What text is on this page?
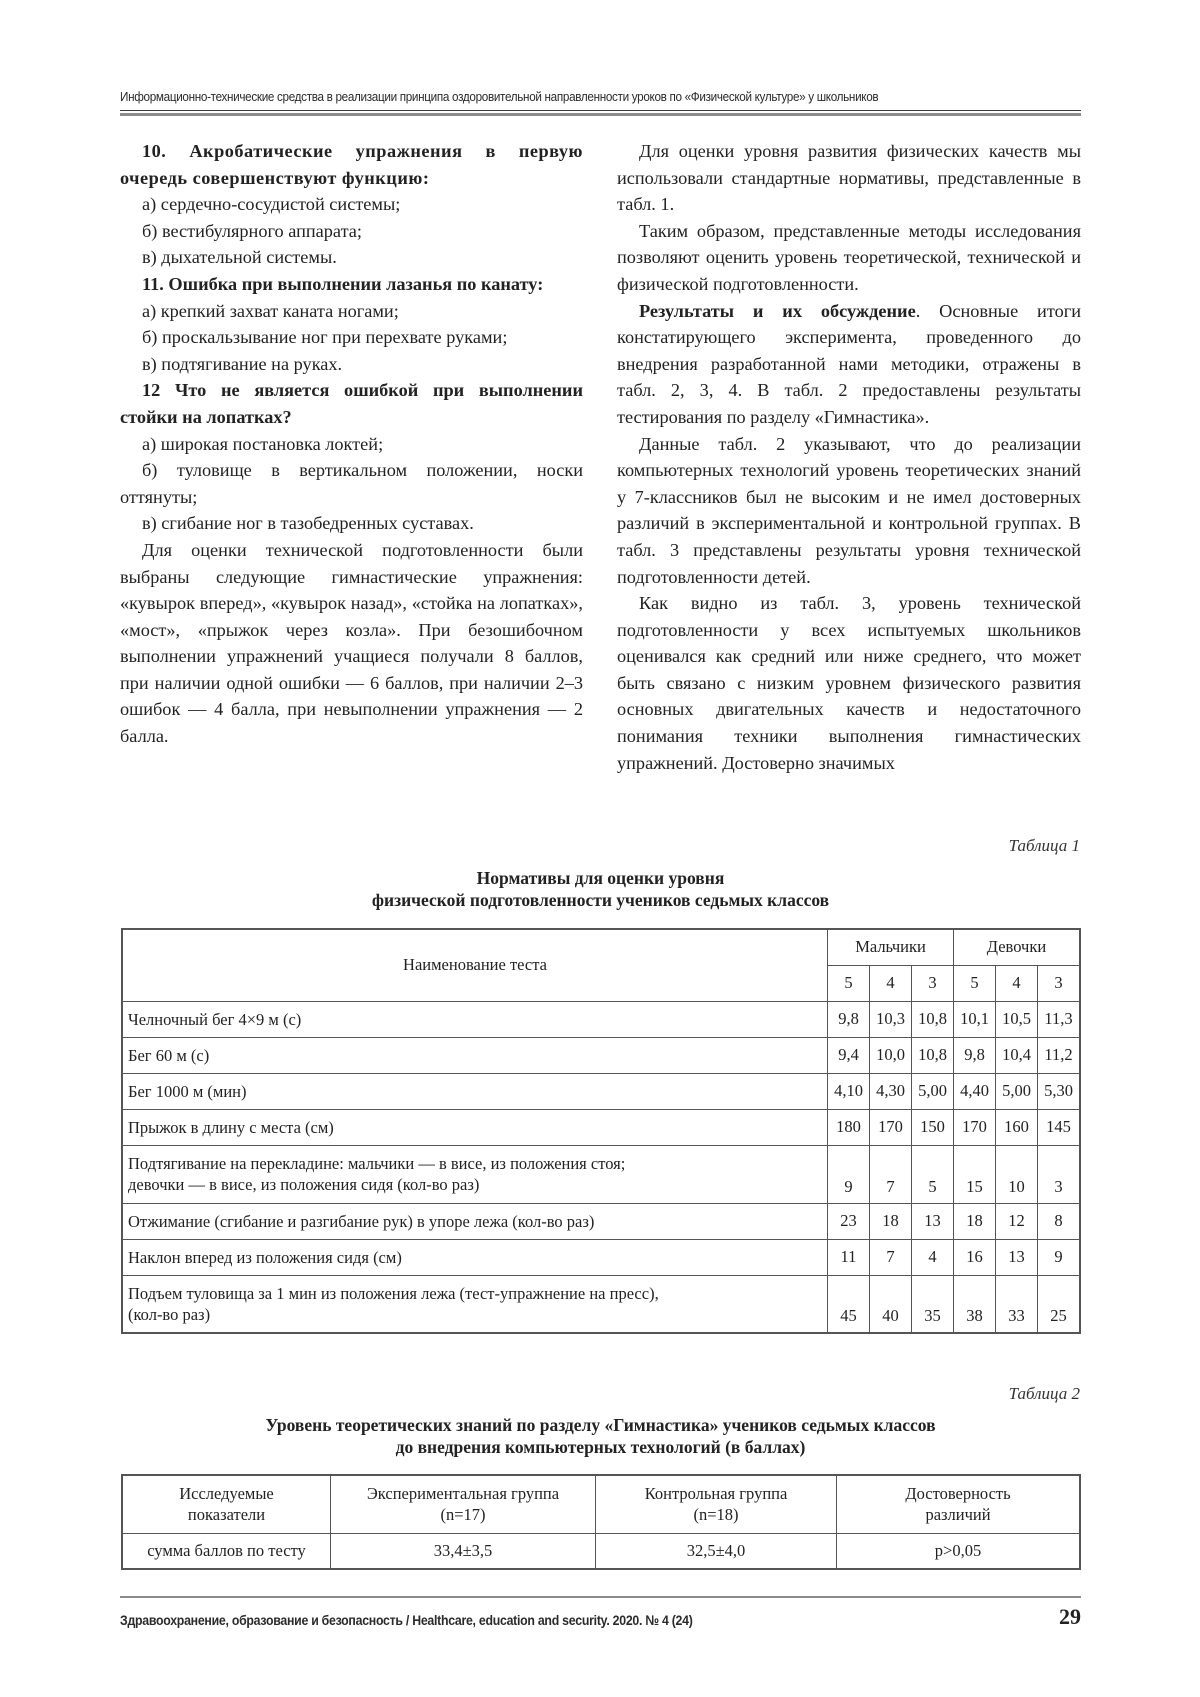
Информационно-технические средства в реализации принципа оздоровительной направленности уроков по «Физической культуре» у школьников

10. Акробатические упражнения в первую очередь совершенствуют функцию:

а) сердечно-сосудистой системы;

б) вестибулярного аппарата;

в) дыхательной системы.

11. Ошибка при выполнении лазанья по канату:

а) крепкий захват каната ногами;

б) проскальзывание ног при перехвате руками;

в) подтягивание на руках.

12 Что не является ошибкой при выполнении стойки на лопатках?

а) широкая постановка локтей;

б) туловище в вертикальном положении, носки оттянуты;

в) сгибание ног в тазобедренных суставах.

Для оценки технической подготовленности были выбраны следующие гимнастические упражнения: «кувырок вперед», «кувырок назад», «стойка на лопатках», «мост», «прыжок через козла». При безошибочном выполнении упражнений учащиеся получали 8 баллов, при наличии одной ошибки — 6 баллов, при наличии 2–3 ошибок — 4 балла, при невыполнении упражнения — 2 балла.

Для оценки уровня развития физических качеств мы использовали стандартные нормативы, представленные в табл. 1.

Таким образом, представленные методы исследования позволяют оценить уровень теоретической, технической и физической подготовленности.

Результаты и их обсуждение. Основные итоги констатирующего эксперимента, проведенного до внедрения разработанной нами методики, отражены в табл. 2, 3, 4. В табл. 2 предоставлены результаты тестирования по разделу «Гимнастика».

Данные табл. 2 указывают, что до реализации компьютерных технологий уровень теоретических знаний у 7-классников был не высоким и не имел достоверных различий в экспериментальной и контрольной группах. В табл. 3 представлены результаты уровня технической подготовленности детей.

Как видно из табл. 3, уровень технической подготовленности у всех испытуемых школьников оценивался как средний или ниже среднего, что может быть связано с низким уровнем физического развития основных двигательных качеств и недостаточного понимания техники выполнения гимнастических упражнений. Достоверно значимых

Таблица 1
Нормативы для оценки уровня
физической подготовленности учеников седьмых классов
Наименование теста	Мальчики			Девочки		
	5	4	3	5	4	3
Челночный бег 4×9 м (с)	9,8	10,3	10,8	10,1	10,5	11,3
Бег 60 м (с)	9,4	10,0	10,8	9,8	10,4	11,2
Бег 1000 м (мин)	4,10	4,30	5,00	4,40	5,00	5,30
Прыжок в длину с места (см)	180	170	150	170	160	145

Подтягивание на перекладине: мальчики — в висе, из положения стоя;
девочки — в висе, из положения сидя (кол-во раз)	9	7	5	15	10	3
Отжимание (сгибание и разгибание рук) в упоре лежа (кол-во раз)	23	18	13	18	12	8
Наклон вперед из положения сидя (см)	11	7	4	16	13	9

Подъем туловища за 1 мин из положения лежа (тест-упражнение на пресс),
(кол-во раз)	45	40	35	38	33	25
Таблица 2
Уровень теоретических знаний по разделу «Гимнастика» учеников седьмых классов
до внедрения компьютерных технологий (в баллах)
Исследуемые
показатели

Экспериментальная группа
(n=17)

Контрольная группа
(n=18)

Достоверность
различий

сумма баллов по тесту	33,4±3,5	32,5±4,0	p>0,05
Здравоохранение, образование и безопасность / Healthcare, education and security. 2020. № 4 (24)	29
